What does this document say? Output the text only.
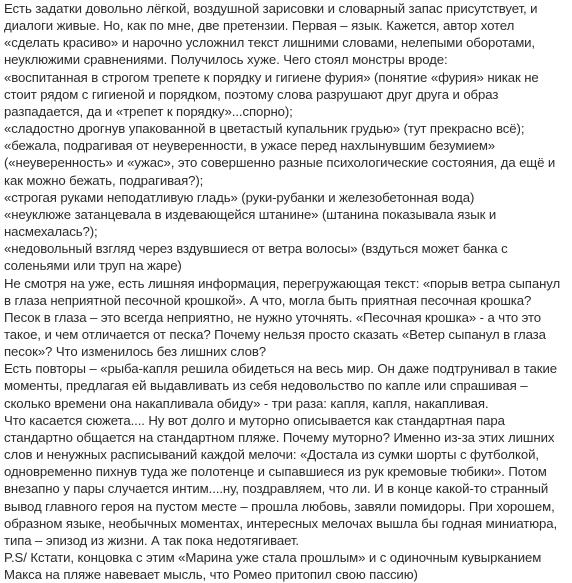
Есть задатки довольно лёгкой, воздушной зарисовки и словарный запас присутствует, и диалоги живые. Но, как по мне, две претензии. Первая – язык. Кажется, автор хотел «сделать красиво» и нарочно усложнил текст лишними словами, нелепыми оборотами, неуклюжими сравнениями. Получилось хуже. Чего стоял монстры вроде:

«воспитанная в строгом трепете к порядку и гигиене фурия» (понятие «фурия» никак не стоит рядом с гигиеной и порядком, поэтому слова разрушают друг друга и образ разпадается, да и «трепет к порядку»...спорно);

«сладостно дрогнув упакованной в цветастый купальник грудью» (тут прекрасно всё);

«бежала, подрагивая от неуверенности, в ужасе перед нахлынувшим безумием» («неуверенность» и «ужас», это совершенно разные психологические состояния, да ещё и как можно бежать, подрагивая?);

«строгая руками неподатливую гладь» (руки-рубанки и железобетонная вода)

«неуклюже затанцевала в издевающейся штанине» (штанина показывала язык и насмехалась?);

«недовольный взгляд через вздувшиеся от ветра волосы» (вздуться может банка с соленьями или труп на жаре)

Не смотря на уже, есть лишняя информация, перегружающая текст: «порыв ветра сыпанул в глаза неприятной песочной крошкой». А что, могла быть приятная песочная крошка? Песок в глаза – это всегда неприятно, не нужно уточнять. «Песочная крошка» - а что это такое, и чем отличается от песка? Почему нельзя просто сказать «Ветер сыпанул в глаза песок»? Что изменилось без лишних слов?

Есть повторы – «рыба-капля решила обидеться на весь мир. Он даже подтрунивал в такие моменты, предлагая ей выдавливать из себя недовольство по капле или спрашивая – сколько времени она накапливала обиду» - три раза: капля, капля, накапливая.

Что касается сюжета.... Ну вот долго и муторно описывается как стандартная пара стандартно общается на стандартном пляже. Почему муторно? Именно из-за этих лишних слов и ненужных расписываний каждой мелочи: «Достала из сумки шорты с футболкой, одновременно пихнув туда же полотенце и сыпавшиеся из рук кремовые тюбики». Потом внезапно у пары случается интим....ну, поздравляем, что ли. И в конце какой-то странный вывод главного героя на пустом месте – прошла любовь, завяли помидоры. При хорошем, образном языке, необычных моментах, интересных мелочах вышла бы годная миниатюра, типа – эпизод из жизни. А так пока недотягивает.

P.S/ Кстати, концовка с этим «Марина уже стала прошлым» и с одиночным кувырканием Макса на пляже навевает мысль, что Ромео притопил свою пассию)
